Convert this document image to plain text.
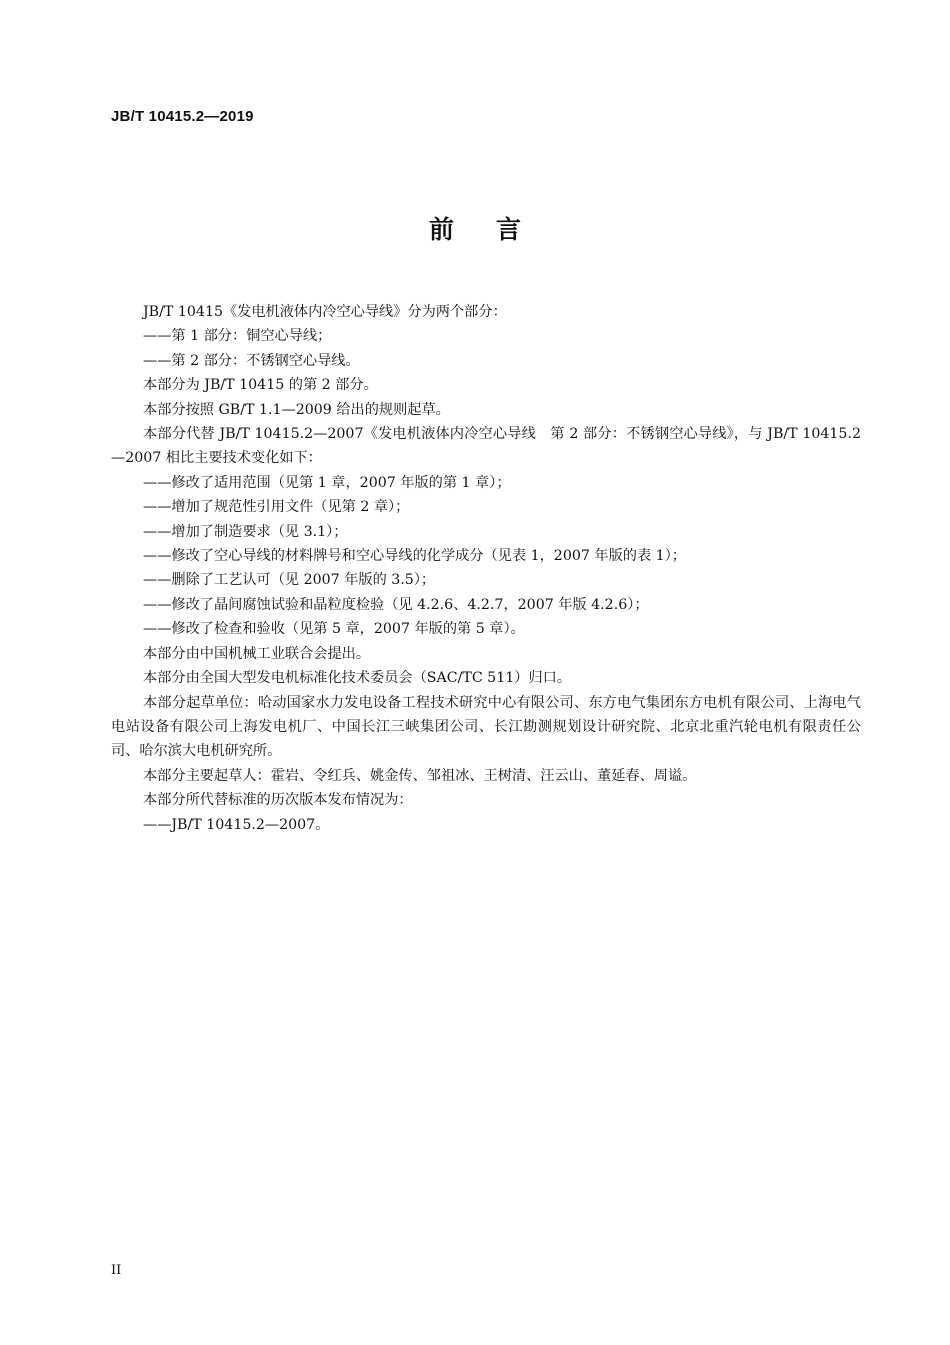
JB/T 10415.2—2019
前言

JB/T 10415《发电机液体内冷空心导线》分为两个部分：

——第 1 部分：铜空心导线；

——第 2 部分：不锈钢空心导线。

本部分为 JB/T 10415 的第 2 部分。

本部分按照 GB/T 1.1—2009 给出的规则起草。

本部分代替 JB/T 10415.2—2007《发电机液体内冷空心导线　第 2 部分：不锈钢空心导线》，与 JB/T 10415.2—2007 相比主要技术变化如下：

——修改了适用范围（见第 1 章，2007 年版的第 1 章）；

——增加了规范性引用文件（见第 2 章）；

——增加了制造要求（见 3.1）；

——修改了空心导线的材料牌号和空心导线的化学成分（见表 1，2007 年版的表 1）；

——删除了工艺认可（见 2007 年版的 3.5）；

——修改了晶间腐蚀试验和晶粒度检验（见 4.2.6、4.2.7，2007 年版 4.2.6）；

——修改了检查和验收（见第 5 章，2007 年版的第 5 章）。

本部分由中国机械工业联合会提出。

本部分由全国大型发电机标准化技术委员会（SAC/TC 511）归口。

本部分起草单位：哈动国家水力发电设备工程技术研究中心有限公司、东方电气集团东方电机有限公司、上海电气电站设备有限公司上海发电机厂、中国长江三峡集团公司、长江勘测规划设计研究院、北京北重汽轮电机有限责任公司、哈尔滨大电机研究所。

本部分主要起草人：霍岩、令红兵、姚金传、邹祖冰、王树清、汪云山、董延春、周谥。

本部分所代替标准的历次版本发布情况为：

——JB/T 10415.2—2007。

II
